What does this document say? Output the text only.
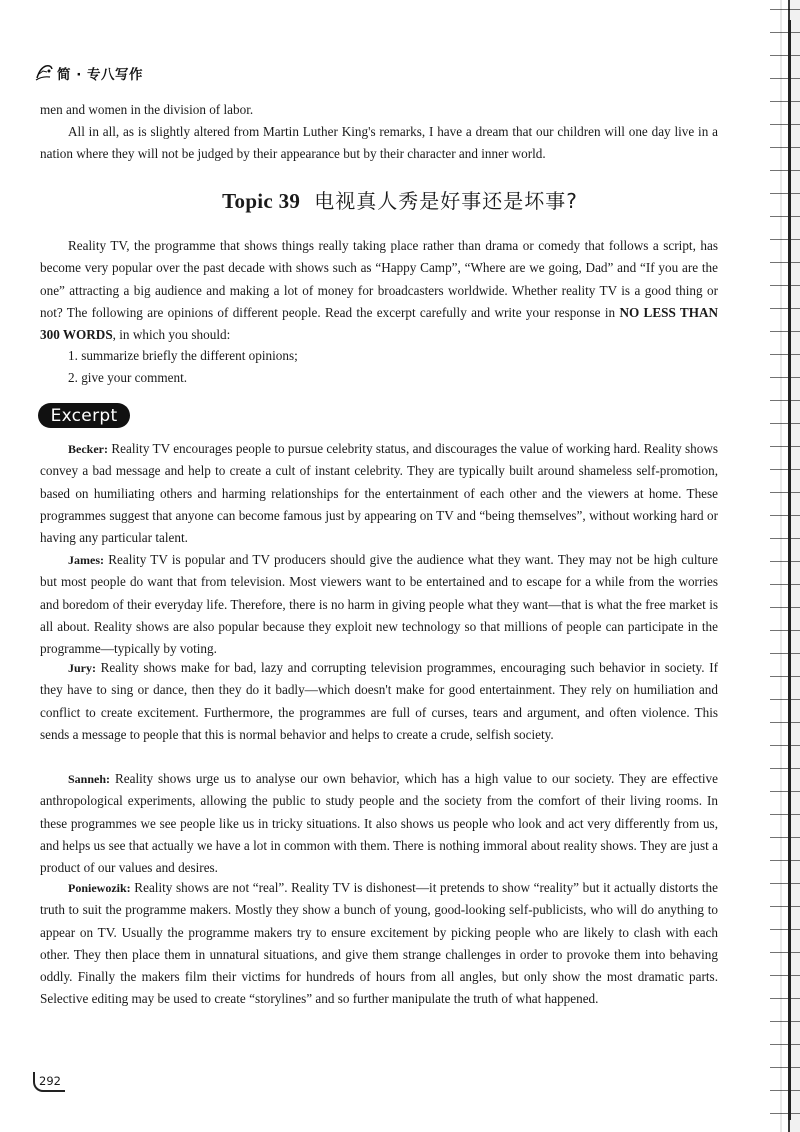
简 · 专八写作

men and women in the division of labor.

All in all, as is slightly altered from Martin Luther King's remarks, I have a dream that our children will one day live in a nation where they will not be judged by their appearance but by their character and inner world.

Topic 39 电视真人秀是好事还是坏事?

Reality TV, the programme that shows things really taking place rather than drama or comedy that follows a script, has become very popular over the past decade with shows such as “Happy Camp”, “Where are we going, Dad” and “If you are the one” attracting a big audience and making a lot of money for broadcasters worldwide. Whether reality TV is a good thing or not? The following are opinions of different people. Read the excerpt carefully and write your response in NO LESS THAN 300 WORDS, in which you should:

1. summarize briefly the different opinions;

2. give your comment.

Excerpt

Becker: Reality TV encourages people to pursue celebrity status, and discourages the value of working hard. Reality shows convey a bad message and help to create a cult of instant celebrity. They are typically built around shameless self-promotion, based on humiliating others and harming relationships for the entertainment of each other and the viewers at home. These programmes suggest that anyone can become famous just by appearing on TV and “being themselves”, without working hard or having any particular talent.

James: Reality TV is popular and TV producers should give the audience what they want. They may not be high culture but most people do want that from television. Most viewers want to be entertained and to escape for a while from the worries and boredom of their everyday life. Therefore, there is no harm in giving people what they want—that is what the free market is all about. Reality shows are also popular because they exploit new technology so that millions of people can participate in the programme—typically by voting.

Jury: Reality shows make for bad, lazy and corrupting television programmes, encouraging such behavior in society. If they have to sing or dance, then they do it badly—which doesn't make for good entertainment. They rely on humiliation and conflict to create excitement. Furthermore, the programmes are full of curses, tears and argument, and often violence. This sends a message to people that this is normal behavior and helps to create a crude, selfish society.

Sanneh: Reality shows urge us to analyse our own behavior, which has a high value to our society. They are effective anthropological experiments, allowing the public to study people and the society from the comfort of their living rooms. In these programmes we see people like us in tricky situations. It also shows us people who look and act very differently from us, and helps us see that actually we have a lot in common with them. There is nothing immoral about reality shows. They are just a product of our values and desires.

Poniewozik: Reality shows are not “real”. Reality TV is dishonest—it pretends to show “reality” but it actually distorts the truth to suit the programme makers. Mostly they show a bunch of young, good-looking self-publicists, who will do anything to appear on TV. Usually the programme makers try to ensure excitement by picking people who are likely to clash with each other. They then place them in unnatural situations, and give them strange challenges in order to provoke them into behaving oddly. Finally the makers film their victims for hundreds of hours from all angles, but only show the most dramatic parts. Selective editing may be used to create “storylines” and so further manipulate the truth of what happened.

292
